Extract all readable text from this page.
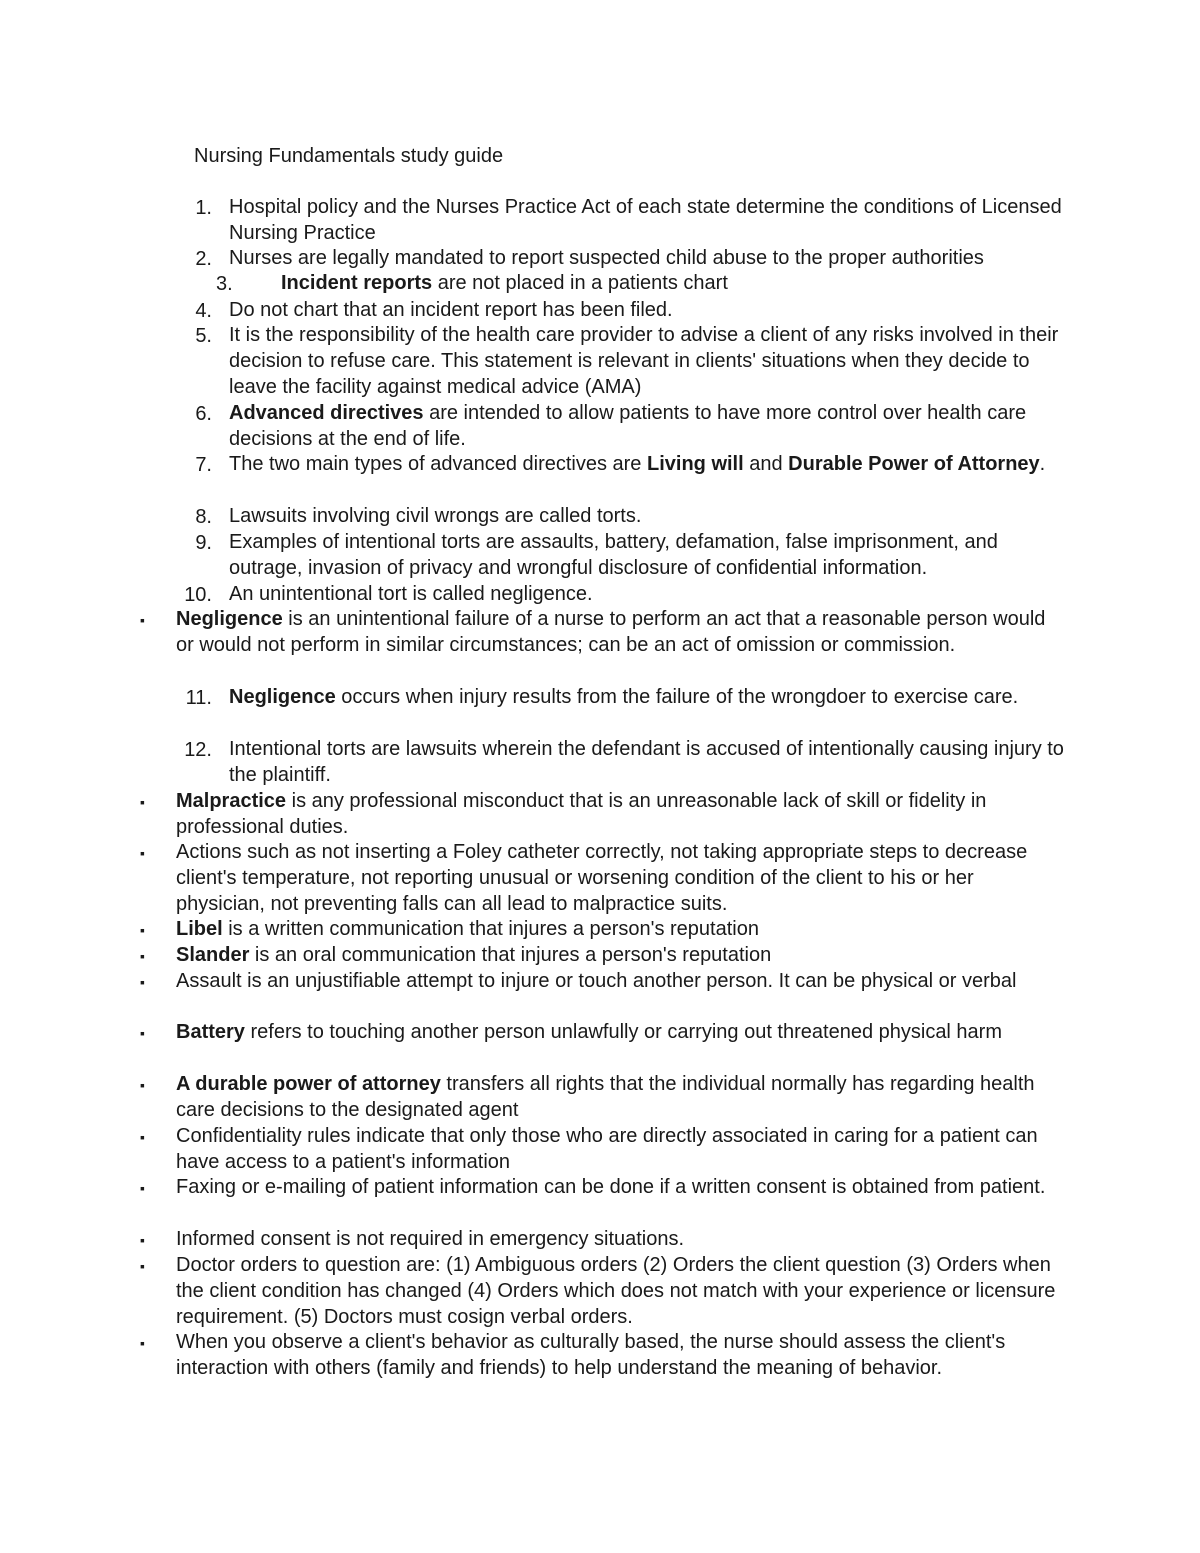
Nursing Fundamentals study guide
1. Hospital policy and the Nurses Practice Act of each state determine the conditions of Licensed Nursing Practice
2. Nurses are legally mandated to report suspected child abuse to the proper authorities
3.	Incident reports are not placed in a patients chart
4. Do not chart that an incident report has been filed.
5. It is the responsibility of the health care provider to advise a client of any risks involved in their decision to refuse care. This statement is relevant in clients' situations when they decide to leave the facility against medical advice (AMA)
6. Advanced directives are intended to allow patients to have more control over health care decisions at the end of life.
7. The two main types of advanced directives are Living will and Durable Power of Attorney.
8. Lawsuits involving civil wrongs are called torts.
9. Examples of intentional torts are assaults, battery, defamation, false imprisonment, and outrage, invasion of privacy and wrongful disclosure of confidential information.
10. An unintentional tort is called negligence.
▪ Negligence is an unintentional failure of a nurse to perform an act that a reasonable person would or would not perform in similar circumstances; can be an act of omission or commission.
11. Negligence occurs when injury results from the failure of the wrongdoer to exercise care.
12. Intentional torts are lawsuits wherein the defendant is accused of intentionally causing injury to the plaintiff.
▪ Malpractice is any professional misconduct that is an unreasonable lack of skill or fidelity in professional duties.
▪ Actions such as not inserting a Foley catheter correctly, not taking appropriate steps to decrease client's temperature, not reporting unusual or worsening condition of the client to his or her physician, not preventing falls can all lead to malpractice suits.
▪ Libel is a written communication that injures a person's reputation
▪ Slander is an oral communication that injures a person's reputation
▪ Assault is an unjustifiable attempt to injure or touch another person. It can be physical or verbal
▪ Battery refers to touching another person unlawfully or carrying out threatened physical harm
▪ A durable power of attorney transfers all rights that the individual normally has regarding health care decisions to the designated agent
▪ Confidentiality rules indicate that only those who are directly associated in caring for a patient can have access to a patient's information
▪ Faxing or e-mailing of patient information can be done if a written consent is obtained from patient.
▪ Informed consent is not required in emergency situations.
▪ Doctor orders to question are: (1) Ambiguous orders (2) Orders the client question (3) Orders when the client condition has changed (4) Orders which does not match with your experience or licensure requirement. (5) Doctors must cosign verbal orders.
▪ When you observe a client's behavior as culturally based, the nurse should assess the client's interaction with others (family and friends) to help understand the meaning of behavior.
